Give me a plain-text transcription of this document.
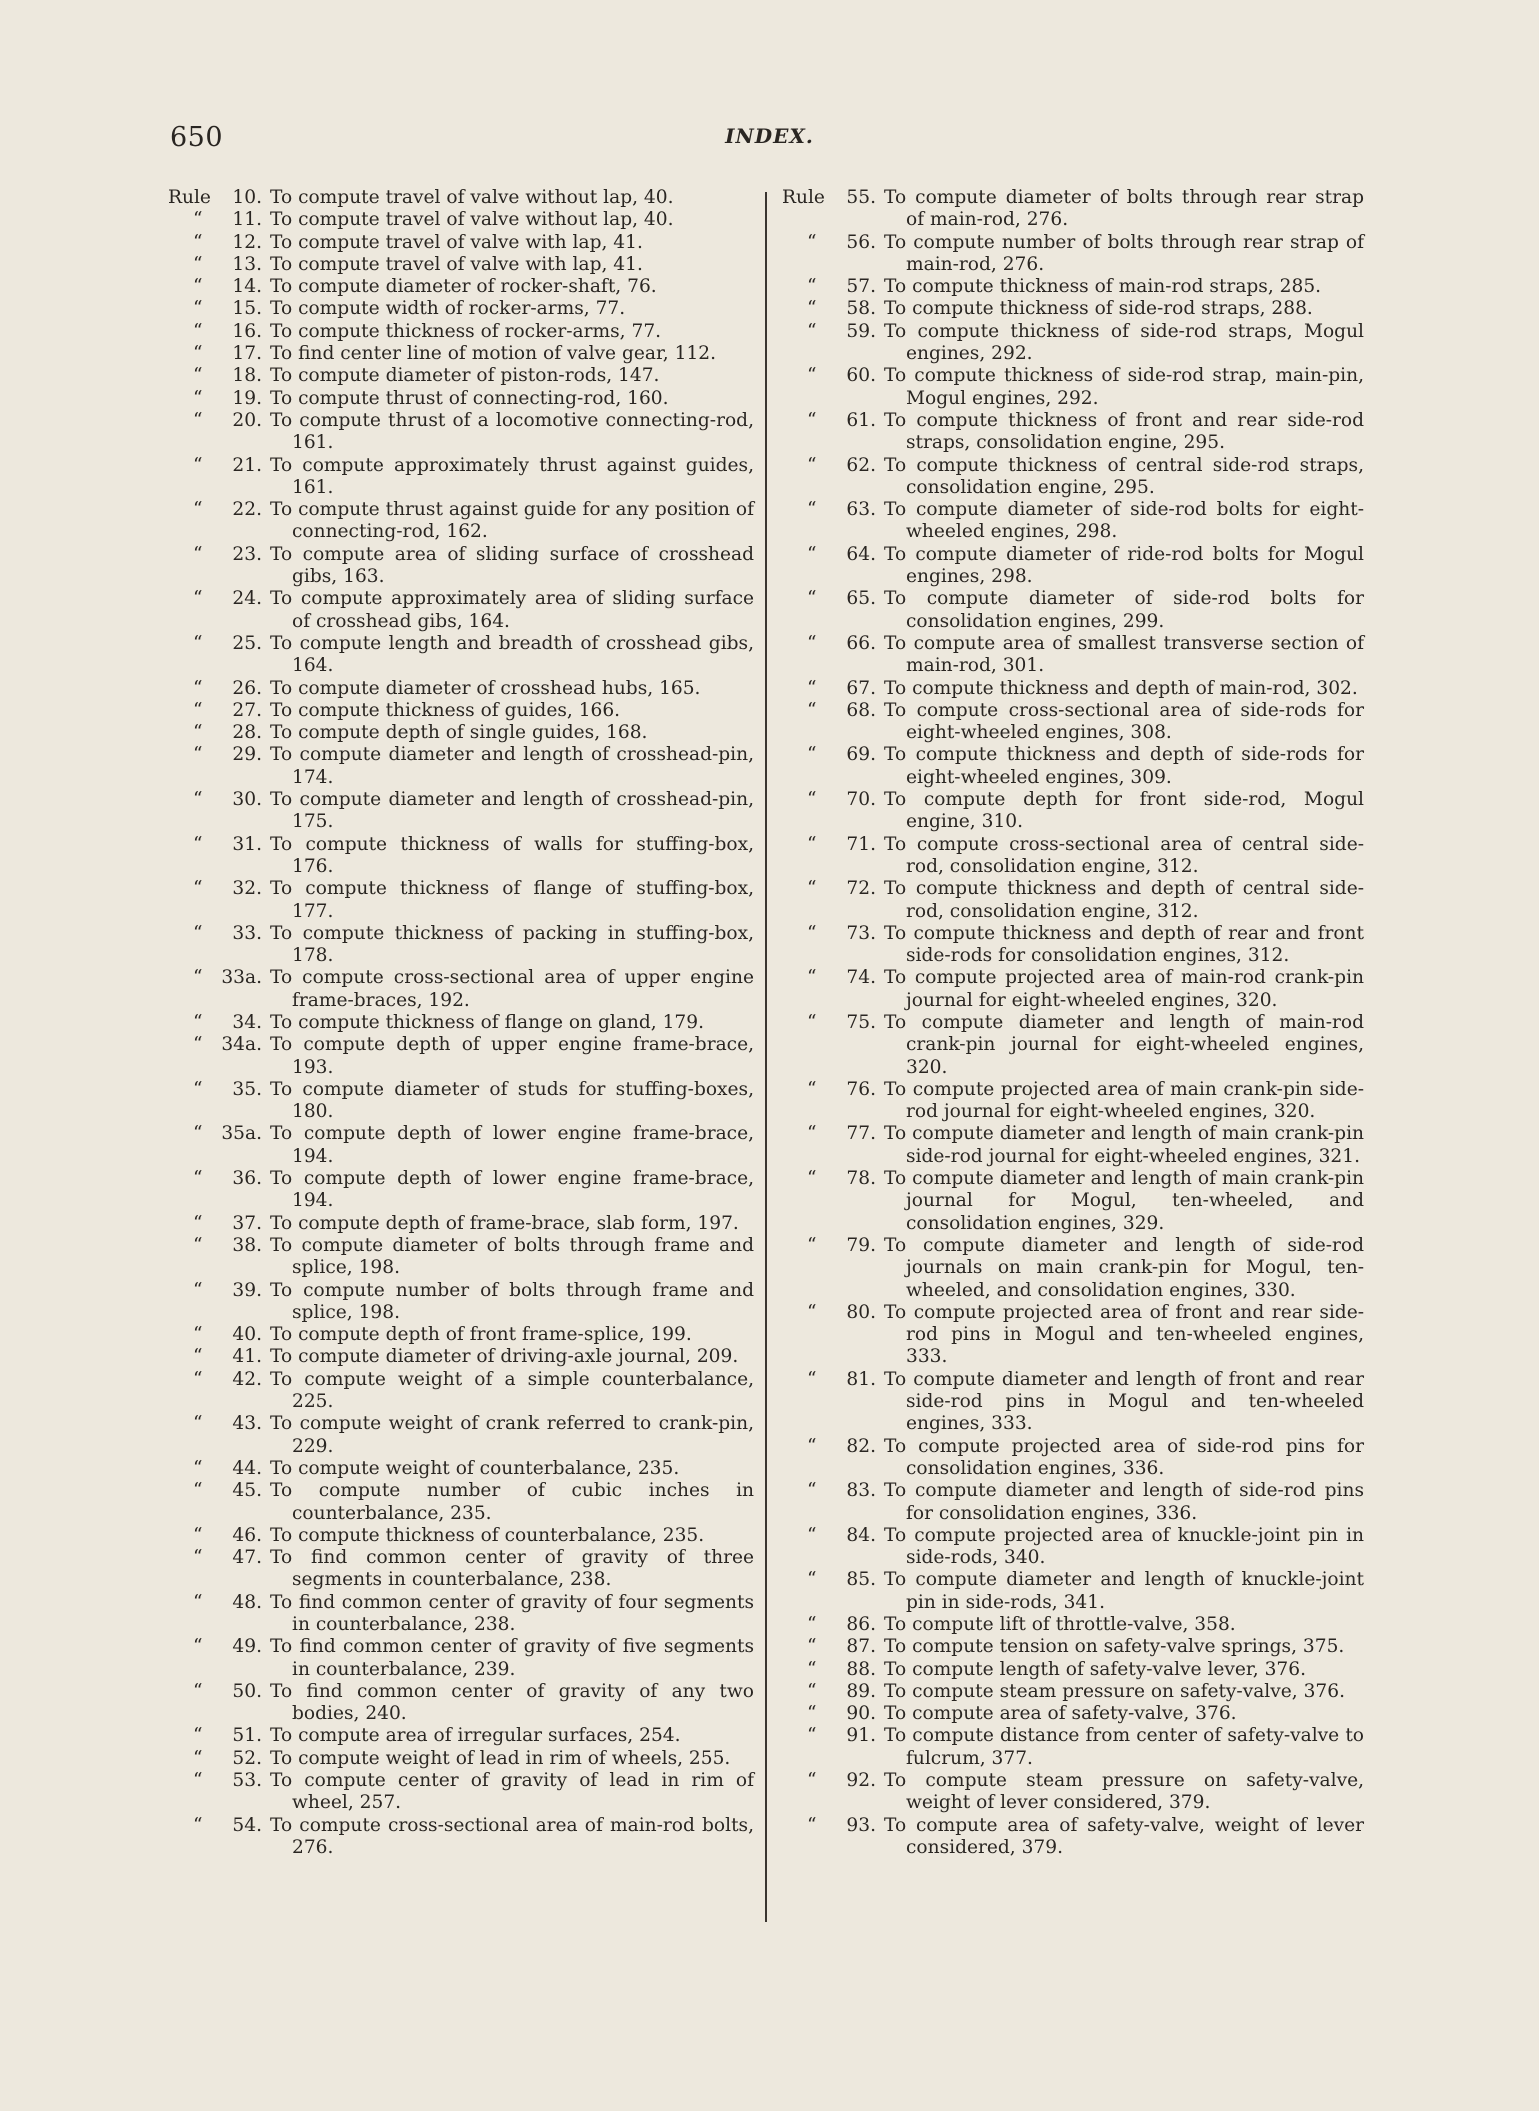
650	INDEX.
Rule	10. To compute travel of valve without lap, 40.
“	11. To compute travel of valve without lap, 40.
“	12. To compute travel of valve with lap, 41.
“	13. To compute travel of valve with lap, 41.
“	14. To compute diameter of rocker-shaft, 76.
“	15. To compute width of rocker-arms, 77.
“	16. To compute thickness of rocker-arms, 77.
“	17. To find center line of motion of valve gear, 112.
“	18. To compute diameter of piston-rods, 147.
“	19. To compute thrust of connecting-rod, 160.
“	20. To compute thrust of a locomotive connecting-rod, 161.
“	21. To compute approximately thrust against guides, 161.
“	22. To compute thrust against guide for any position of connecting-rod, 162.
“	23. To compute area of sliding surface of crosshead gibs, 163.
“	24. To compute approximately area of sliding surface of crosshead gibs, 164.
“	25. To compute length and breadth of crosshead gibs, 164.
“	26. To compute diameter of crosshead hubs, 165.
“	27. To compute thickness of guides, 166.
“	28. To compute depth of single guides, 168.
“	29. To compute diameter and length of crosshead-pin, 174.
“	30. To compute diameter and length of crosshead-pin, 175.
“	31. To compute thickness of walls for stuffing-box, 176.
“	32. To compute thickness of flange of stuffing-box, 177.
“	33. To compute thickness of packing in stuffing-box, 178.
“	33a. To compute cross-sectional area of upper engine frame-braces, 192.
“	34. To compute thickness of flange on gland, 179.
“	34a. To compute depth of upper engine frame-brace, 193.
“	35. To compute diameter of studs for stuffing-boxes, 180.
“	35a. To compute depth of lower engine frame-brace, 194.
“	36. To compute depth of lower engine frame-brace, 194.
“	37. To compute depth of frame-brace, slab form, 197.
“	38. To compute diameter of bolts through frame and splice, 198.
“	39. To compute number of bolts through frame and splice, 198.
“	40. To compute depth of front frame-splice, 199.
“	41. To compute diameter of driving-axle journal, 209.
“	42. To compute weight of a simple counterbalance, 225.
“	43. To compute weight of crank referred to crank-pin, 229.
“	44. To compute weight of counterbalance, 235.
“	45. To compute number of cubic inches in counterbalance, 235.
“	46. To compute thickness of counterbalance, 235.
“	47. To find common center of gravity of three segments in counterbalance, 238.
“	48. To find common center of gravity of four segments in counterbalance, 238.
“	49. To find common center of gravity of five segments in counterbalance, 239.
“	50. To find common center of gravity of any two bodies, 240.
“	51. To compute area of irregular surfaces, 254.
“	52. To compute weight of lead in rim of wheels, 255.
“	53. To compute center of gravity of lead in rim of wheel, 257.
“	54. To compute cross-sectional area of main-rod bolts, 276.
Rule	55. To compute diameter of bolts through rear strap of main-rod, 276.
“	56. To compute number of bolts through rear strap of main-rod, 276.
“	57. To compute thickness of main-rod straps, 285.
“	58. To compute thickness of side-rod straps, 288.
“	59. To compute thickness of side-rod straps, Mogul engines, 292.
“	60. To compute thickness of side-rod strap, main-pin, Mogul engines, 292.
“	61. To compute thickness of front and rear side-rod straps, consolidation engine, 295.
“	62. To compute thickness of central side-rod straps, consolidation engine, 295.
“	63. To compute diameter of side-rod bolts for eight-wheeled engines, 298.
“	64. To compute diameter of ride-rod bolts for Mogul engines, 298.
“	65. To compute diameter of side-rod bolts for consolidation engines, 299.
“	66. To compute area of smallest transverse section of main-rod, 301.
“	67. To compute thickness and depth of main-rod, 302.
“	68. To compute cross-sectional area of side-rods for eight-wheeled engines, 308.
“	69. To compute thickness and depth of side-rods for eight-wheeled engines, 309.
“	70. To compute depth for front side-rod, Mogul engine, 310.
“	71. To compute cross-sectional area of central side-rod, consolidation engine, 312.
“	72. To compute thickness and depth of central side-rod, consolidation engine, 312.
“	73. To compute thickness and depth of rear and front side-rods for consolidation engines, 312.
“	74. To compute projected area of main-rod crank-pin journal for eight-wheeled engines, 320.
“	75. To compute diameter and length of main-rod crank-pin journal for eight-wheeled engines, 320.
“	76. To compute projected area of main crank-pin side-rod journal for eight-wheeled engines, 320.
“	77. To compute diameter and length of main crank-pin side-rod journal for eight-wheeled engines, 321.
“	78. To compute diameter and length of main crank-pin journal for Mogul, ten-wheeled, and consolidation engines, 329.
“	79. To compute diameter and length of side-rod journals on main crank-pin for Mogul, ten-wheeled, and consolidation engines, 330.
“	80. To compute projected area of front and rear side-rod pins in Mogul and ten-wheeled engines, 333.
“	81. To compute diameter and length of front and rear side-rod pins in Mogul and ten-wheeled engines, 333.
“	82. To compute projected area of side-rod pins for consolidation engines, 336.
“	83. To compute diameter and length of side-rod pins for consolidation engines, 336.
“	84. To compute projected area of knuckle-joint pin in side-rods, 340.
“	85. To compute diameter and length of knuckle-joint pin in side-rods, 341.
“	86. To compute lift of throttle-valve, 358.
“	87. To compute tension on safety-valve springs, 375.
“	88. To compute length of safety-valve lever, 376.
“	89. To compute steam pressure on safety-valve, 376.
“	90. To compute area of safety-valve, 376.
“	91. To compute distance from center of safety-valve to fulcrum, 377.
“	92. To compute steam pressure on safety-valve, weight of lever considered, 379.
“	93. To compute area of safety-valve, weight of lever considered, 379.
